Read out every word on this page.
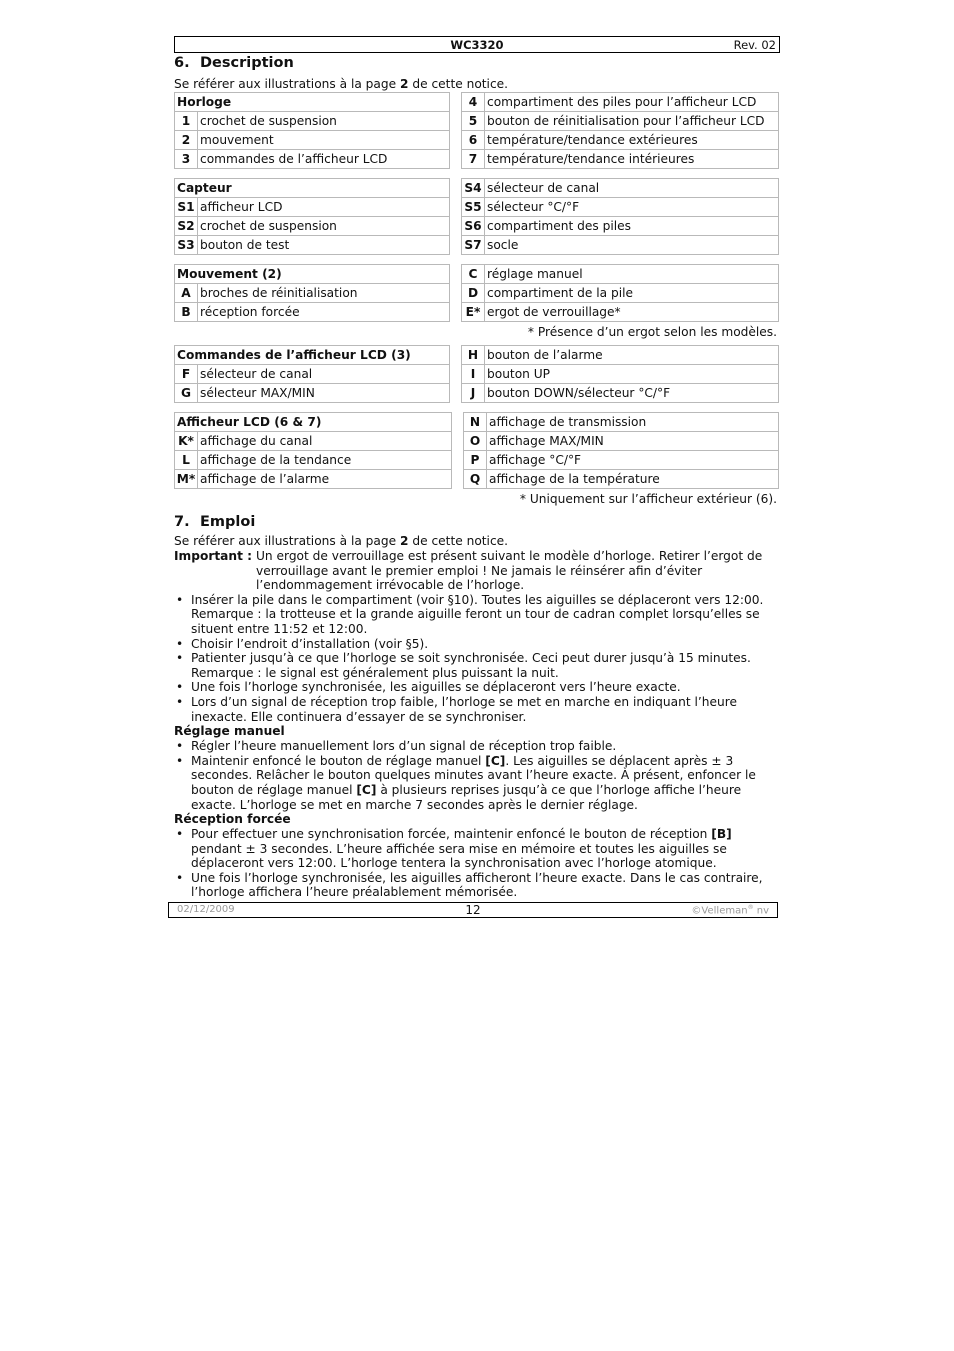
WC3320	Rev. 02
6. Description

Se référer aux illustrations à la page 2 de cette notice.

Horloge	
1	crochet de suspension
2	mouvement
3	commandes de l’afficheur LCD
4	compartiment des piles pour l’afficheur LCD
5	bouton de réinitialisation pour l’afficheur LCD
6	température/tendance extérieures
7	température/tendance intérieures
Capteur	
S1	afficheur LCD
S2	crochet de suspension
S3	bouton de test
S4	sélecteur de canal
S5	sélecteur °C/°F
S6	compartiment des piles
S7	socle
Mouvement (2)	
A	broches de réinitialisation
B	réception forcée
C	réglage manuel
D	compartiment de la pile
E*	ergot de verrouillage*
* Présence d’un ergot selon les modèles.
Commandes de l’afficheur LCD (3)	
F	sélecteur de canal
G	sélecteur MAX/MIN
H	bouton de l’alarme
I	bouton UP
J	bouton DOWN/sélecteur °C/°F
Afficheur LCD (6 & 7)	
K*	affichage du canal
L	affichage de la tendance
M*	affichage de l’alarme
N	affichage de transmission
O	affichage MAX/MIN
P	affichage °C/°F
Q	affichage de la température
* Uniquement sur l’afficheur extérieur (6).
7. Emploi

Se référer aux illustrations à la page 2 de cette notice.

Important : Un ergot de verrouillage est présent suivant le modèle d’horloge. Retirer l’ergot de verrouillage avant le premier emploi ! Ne jamais le réinsérer afin d’éviter l’endommagement irrévocable de l’horloge.
• Insérer la pile dans le compartiment (voir §10). Toutes les aiguilles se déplaceront vers 12:00. Remarque : la trotteuse et la grande aiguille feront un tour de cadran complet lorsqu’elles se situent entre 11:52 et 12:00.
• Choisir l’endroit d’installation (voir §5).
• Patienter jusqu’à ce que l’horloge se soit synchronisée. Ceci peut durer jusqu’à 15 minutes. Remarque : le signal est généralement plus puissant la nuit.
• Une fois l’horloge synchronisée, les aiguilles se déplaceront vers l’heure exacte.
• Lors d’un signal de réception trop faible, l’horloge se met en marche en indiquant l’heure inexacte. Elle continuera d’essayer de se synchroniser.
Réglage manuel
• Régler l’heure manuellement lors d’un signal de réception trop faible.
• Maintenir enfoncé le bouton de réglage manuel [C]. Les aiguilles se déplacent après ± 3 secondes. Relâcher le bouton quelques minutes avant l’heure exacte. À présent, enfoncer le bouton de réglage manuel [C] à plusieurs reprises jusqu’à ce que l’horloge affiche l’heure exacte. L’horloge se met en marche 7 secondes après le dernier réglage.
Réception forcée
• Pour effectuer une synchronisation forcée, maintenir enfoncé le bouton de réception [B] pendant ± 3 secondes. L’heure affichée sera mise en mémoire et toutes les aiguilles se déplaceront vers 12:00. L’horloge tentera la synchronisation avec l’horloge atomique.
• Une fois l’horloge synchronisée, les aiguilles afficheront l’heure exacte. Dans le cas contraire, l’horloge affichera l’heure préalablement mémorisée.
02/12/2009	12	©Velleman® nv
